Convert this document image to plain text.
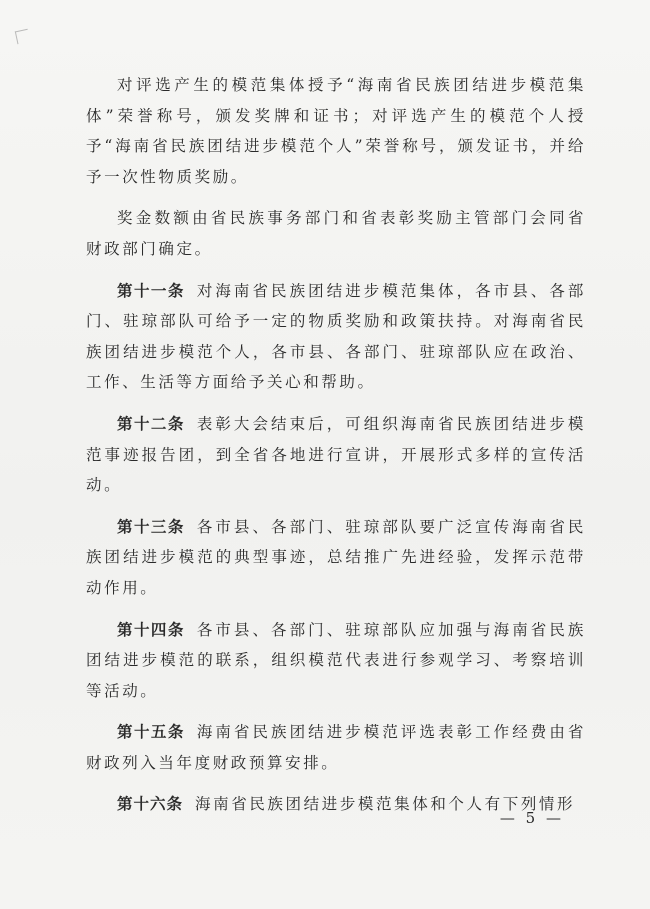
对评选产生的模范集体授予“海南省民族团结进步模范集体”荣誉称号，颁发奖牌和证书；对评选产生的模范个人授予“海南省民族团结进步模范个人”荣誉称号，颁发证书，并给予一次性物质奖励。

奖金数额由省民族事务部门和省表彰奖励主管部门会同省财政部门确定。

第十一条 对海南省民族团结进步模范集体，各市县、各部门、驻琼部队可给予一定的物质奖励和政策扶持。对海南省民族团结进步模范个人，各市县、各部门、驻琼部队应在政治、工作、生活等方面给予关心和帮助。

第十二条 表彰大会结束后，可组织海南省民族团结进步模范事迹报告团，到全省各地进行宣讲，开展形式多样的宣传活动。

第十三条 各市县、各部门、驻琼部队要广泛宣传海南省民族团结进步模范的典型事迹，总结推广先进经验，发挥示范带动作用。

第十四条 各市县、各部门、驻琼部队应加强与海南省民族团结进步模范的联系，组织模范代表进行参观学习、考察培训等活动。

第十五条 海南省民族团结进步模范评选表彰工作经费由省财政列入当年度财政预算安排。

第十六条 海南省民族团结进步模范集体和个人有下列情形

— 5 —
